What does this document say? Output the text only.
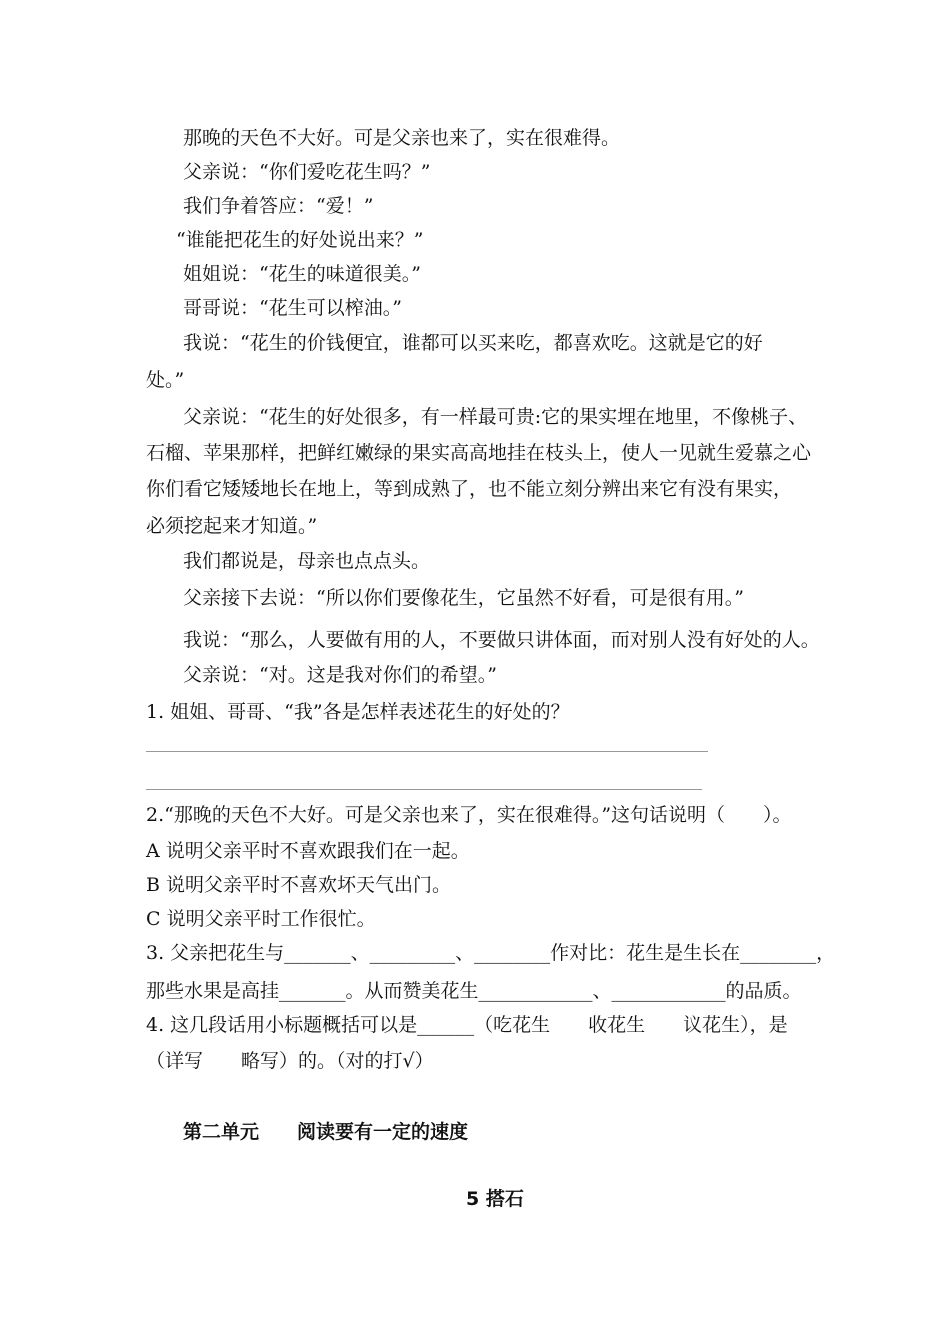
那晚的天色不大好。可是父亲也来了，实在很难得。
父亲说：“你们爱吃花生吗？”
我们争着答应：“爱！”
“谁能把花生的好处说出来？”
姐姐说：“花生的味道很美。”
哥哥说：“花生可以榨油。”
我说：“花生的价钱便宜，谁都可以买来吃，都喜欢吃。这就是它的好
处。”
父亲说：“花生的好处很多，有一样最可贵:它的果实埋在地里，不像桃子、
石榴、苹果那样，把鲜红嫩绿的果实高高地挂在枝头上，使人一见就生爱慕之心
你们看它矮矮地长在地上，等到成熟了，也不能立刻分辨出来它有没有果实，
必须挖起来才知道。”
我们都说是，母亲也点点头。
父亲接下去说：“所以你们要像花生，它虽然不好看，可是很有用。”
我说：“那么，人要做有用的人，不要做只讲体面，而对别人没有好处的人。
父亲说：“对。这是我对你们的希望。”
1. 姐姐、哥哥、“我”各是怎样表述花生的好处的？
2.“那晚的天色不大好。可是父亲也来了，实在很难得。”这句话说明（　　）。
A 说明父亲平时不喜欢跟我们在一起。
B 说明父亲平时不喜欢坏天气出门。
C 说明父亲平时工作很忙。
3. 父亲把花生与_______、_________、________作对比：花生是生长在________，
那些水果是高挂_______。从而赞美花生____________、____________的品质。
4. 这几段话用小标题概括可以是______（吃花生　　收花生　　议花生），是
（详写　　略写）的。（对的打√）
第二单元　　阅读要有一定的速度
5 搭石
